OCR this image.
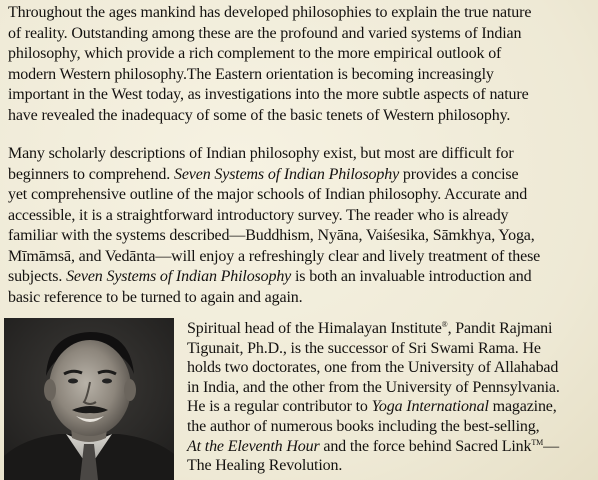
Throughout the ages mankind has developed philosophies to explain the true nature
of reality. Outstanding among these are the profound and varied systems of Indian
philosophy, which provide a rich complement to the more empirical outlook of
modern Western philosophy.The Eastern orientation is becoming increasingly
important in the West today, as investigations into the more subtle aspects of nature
have revealed the inadequacy of some of the basic tenets of Western philosophy.

Many scholarly descriptions of Indian philosophy exist, but most are difficult for
beginners to comprehend. Seven Systems of Indian Philosophy provides a concise
yet comprehensive outline of the major schools of Indian philosophy. Accurate and
accessible, it is a straightforward introductory survey. The reader who is already
familiar with the systems described—Buddhism, Nyāna, Vaiśesika, Sāmkhya, Yoga,
Mīmāmsā, and Vedānta—will enjoy a refreshingly clear and lively treatment of these
subjects. Seven Systems of Indian Philosophy is both an invaluable introduction and
basic reference to be turned to again and again.

Spiritual head of the Himalayan Institute®, Pandit Rajmani
Tigunait, Ph.D., is the successor of Sri Swami Rama. He
holds two doctorates, one from the University of Allahabad
in India, and the other from the University of Pennsylvania.
He is a regular contributor to Yoga International magazine,
the author of numerous books including the best-selling,
At the Eleventh Hour and the force behind Sacred Link™—
The Healing Revolution.
